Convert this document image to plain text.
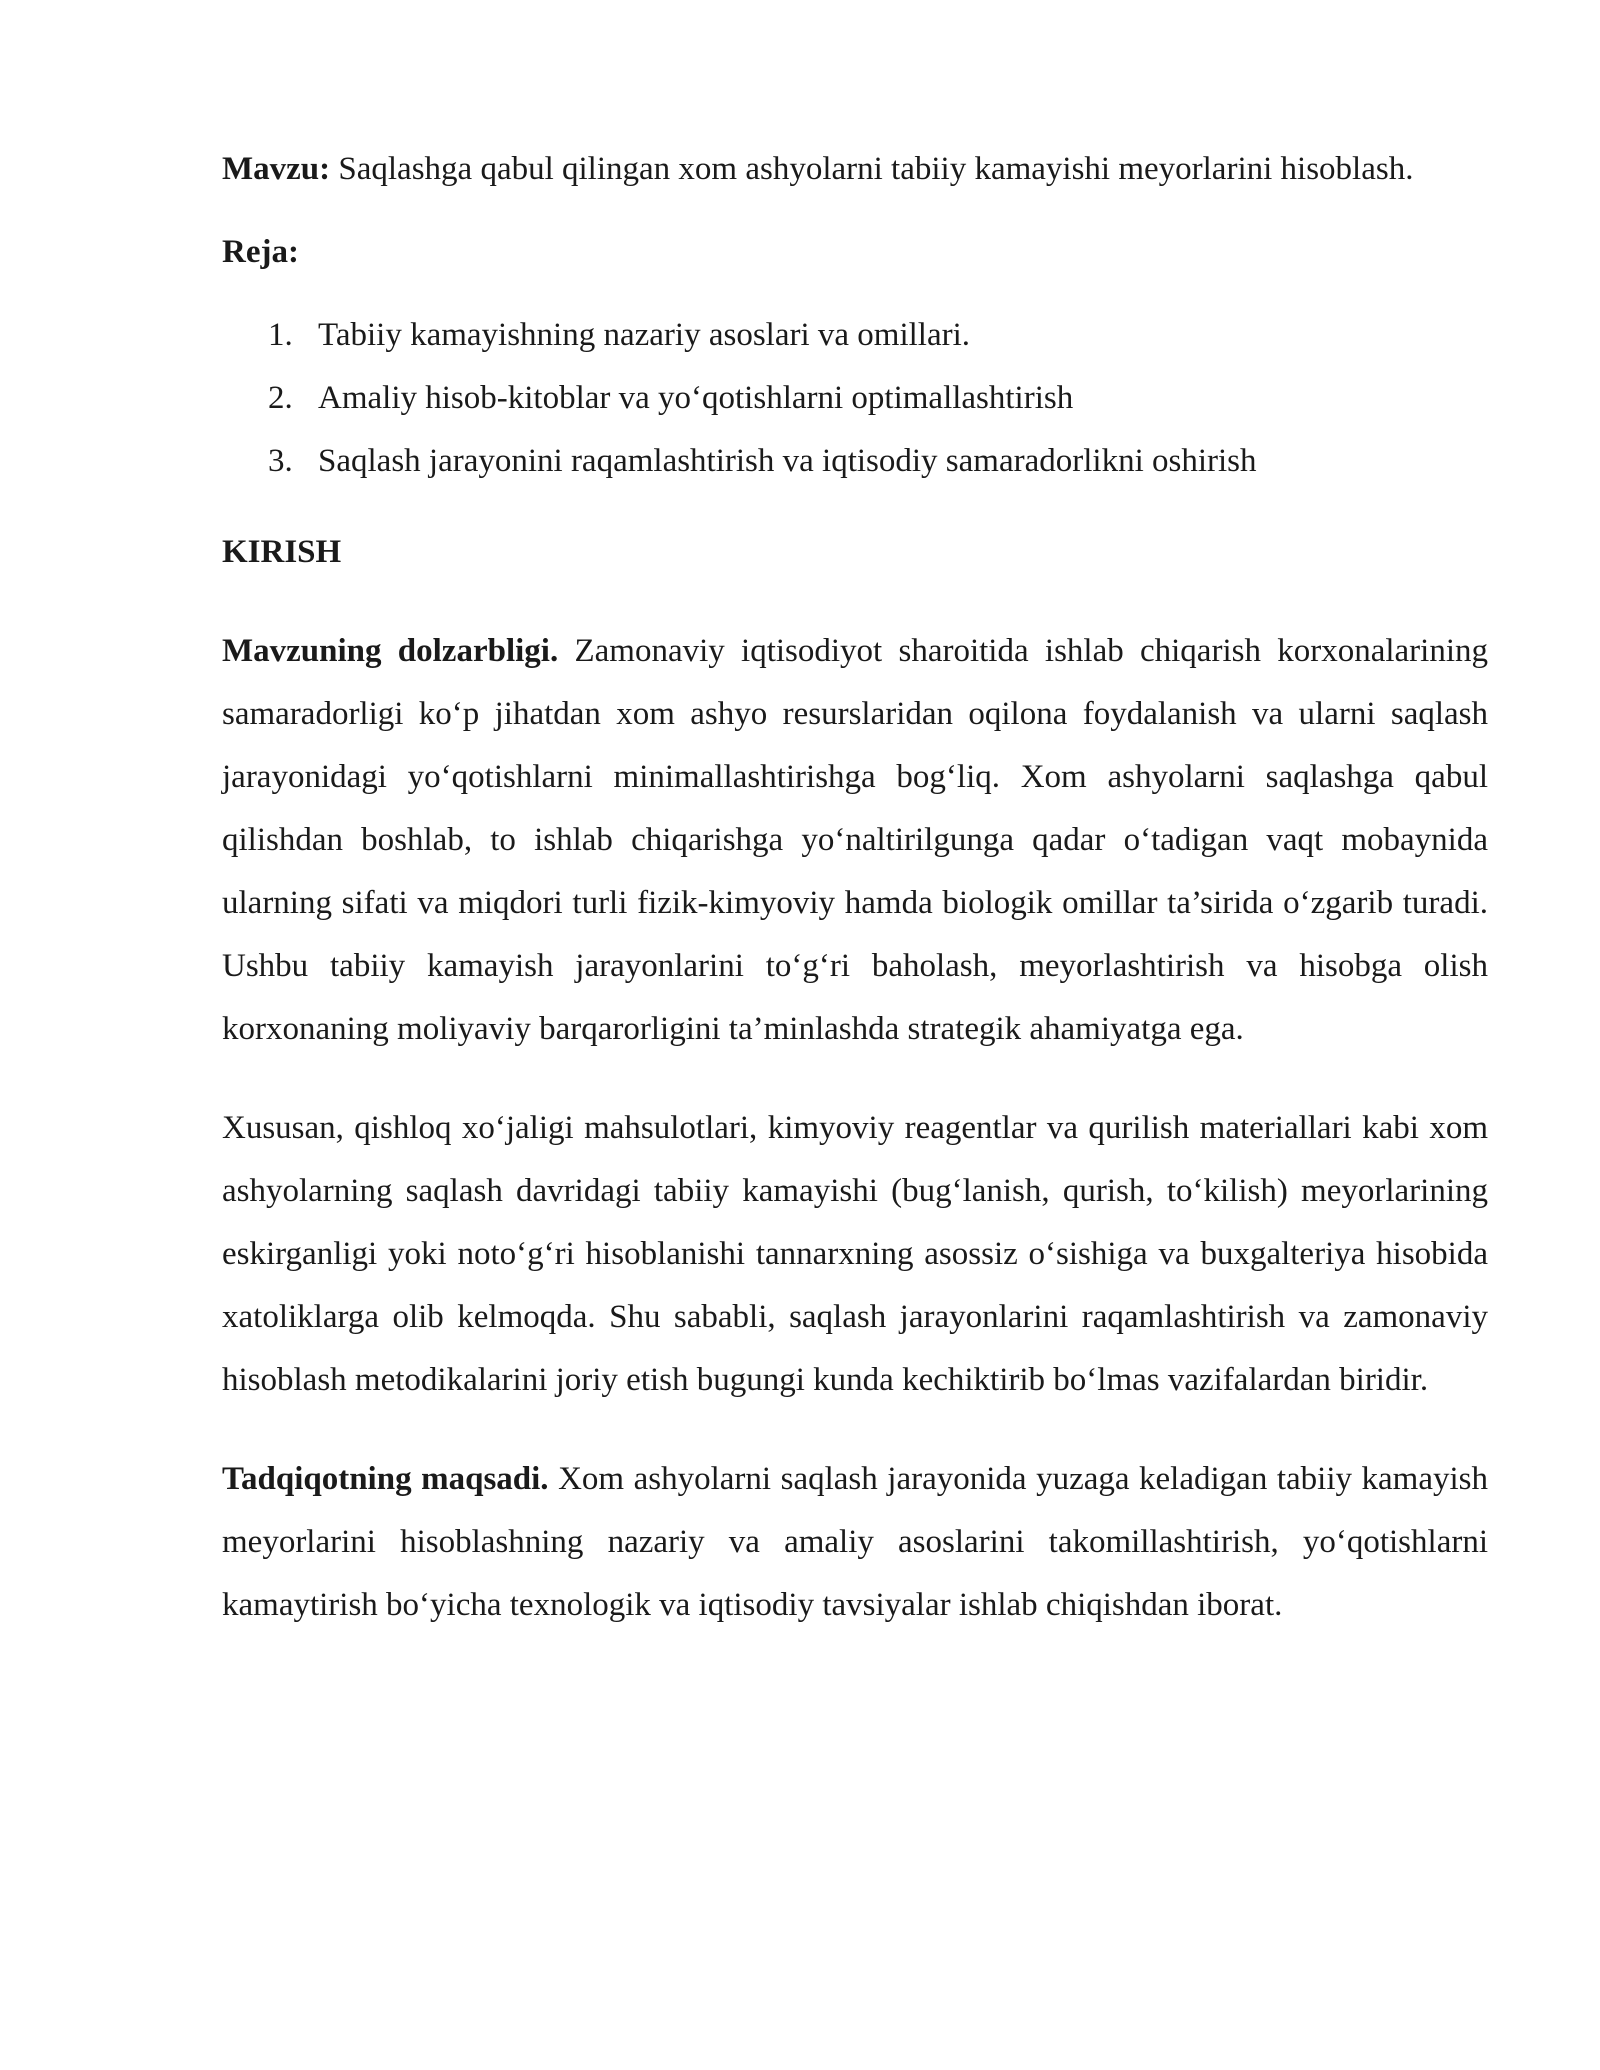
Mavzu: Saqlashga qabul qilingan xom ashyolarni tabiiy kamayishi meyorlarini hisoblash.

Reja:

1. Tabiiy kamayishning nazariy asoslari va omillari.
2. Amaliy hisob-kitoblar va yoʻqotishlarni optimallashtirish
3. Saqlash jarayonini raqamlashtirish va iqtisodiy samaradorlikni oshirish

KIRISH

Mavzuning dolzarbligi. Zamonaviy iqtisodiyot sharoitida ishlab chiqarish korxonalarining samaradorligi koʻp jihatdan xom ashyo resurslaridan oqilona foydalanish va ularni saqlash jarayonidagi yoʻqotishlarni minimallashtirishga bogʻliq. Xom ashyolarni saqlashga qabul qilishdan boshlab, to ishlab chiqarishga yoʻnaltirilgunga qadar oʻtadigan vaqt mobaynida ularning sifati va miqdori turli fizik-kimyoviy hamda biologik omillar ta’sirida oʻzgarib turadi. Ushbu tabiiy kamayish jarayonlarini toʻgʻri baholash, meyorlashtirish va hisobga olish korxonaning moliyaviy barqarorligini ta’minlashda strategik ahamiyatga ega.

Xususan, qishloq xoʻjaligi mahsulotlari, kimyoviy reagentlar va qurilish materiallari kabi xom ashyolarning saqlash davridagi tabiiy kamayishi (bugʻlanish, qurish, toʻkilish) meyorlarining eskirganligi yoki notoʻgʻri hisoblanishi tannarxning asossiz oʻsishiga va buxgalteriya hisobida xatoliklarga olib kelmoqda. Shu sababli, saqlash jarayonlarini raqamlashtirish va zamonaviy hisoblash metodikalarini joriy etish bugungi kunda kechiktirib boʻlmas vazifalardan biridir.

Tadqiqotning maqsadi. Xom ashyolarni saqlash jarayonida yuzaga keladigan tabiiy kamayish meyorlarini hisoblashning nazariy va amaliy asoslarini takomillashtirish, yoʻqotishlarni kamaytirish boʻyicha texnologik va iqtisodiy tavsiyalar ishlab chiqishdan iborat.
